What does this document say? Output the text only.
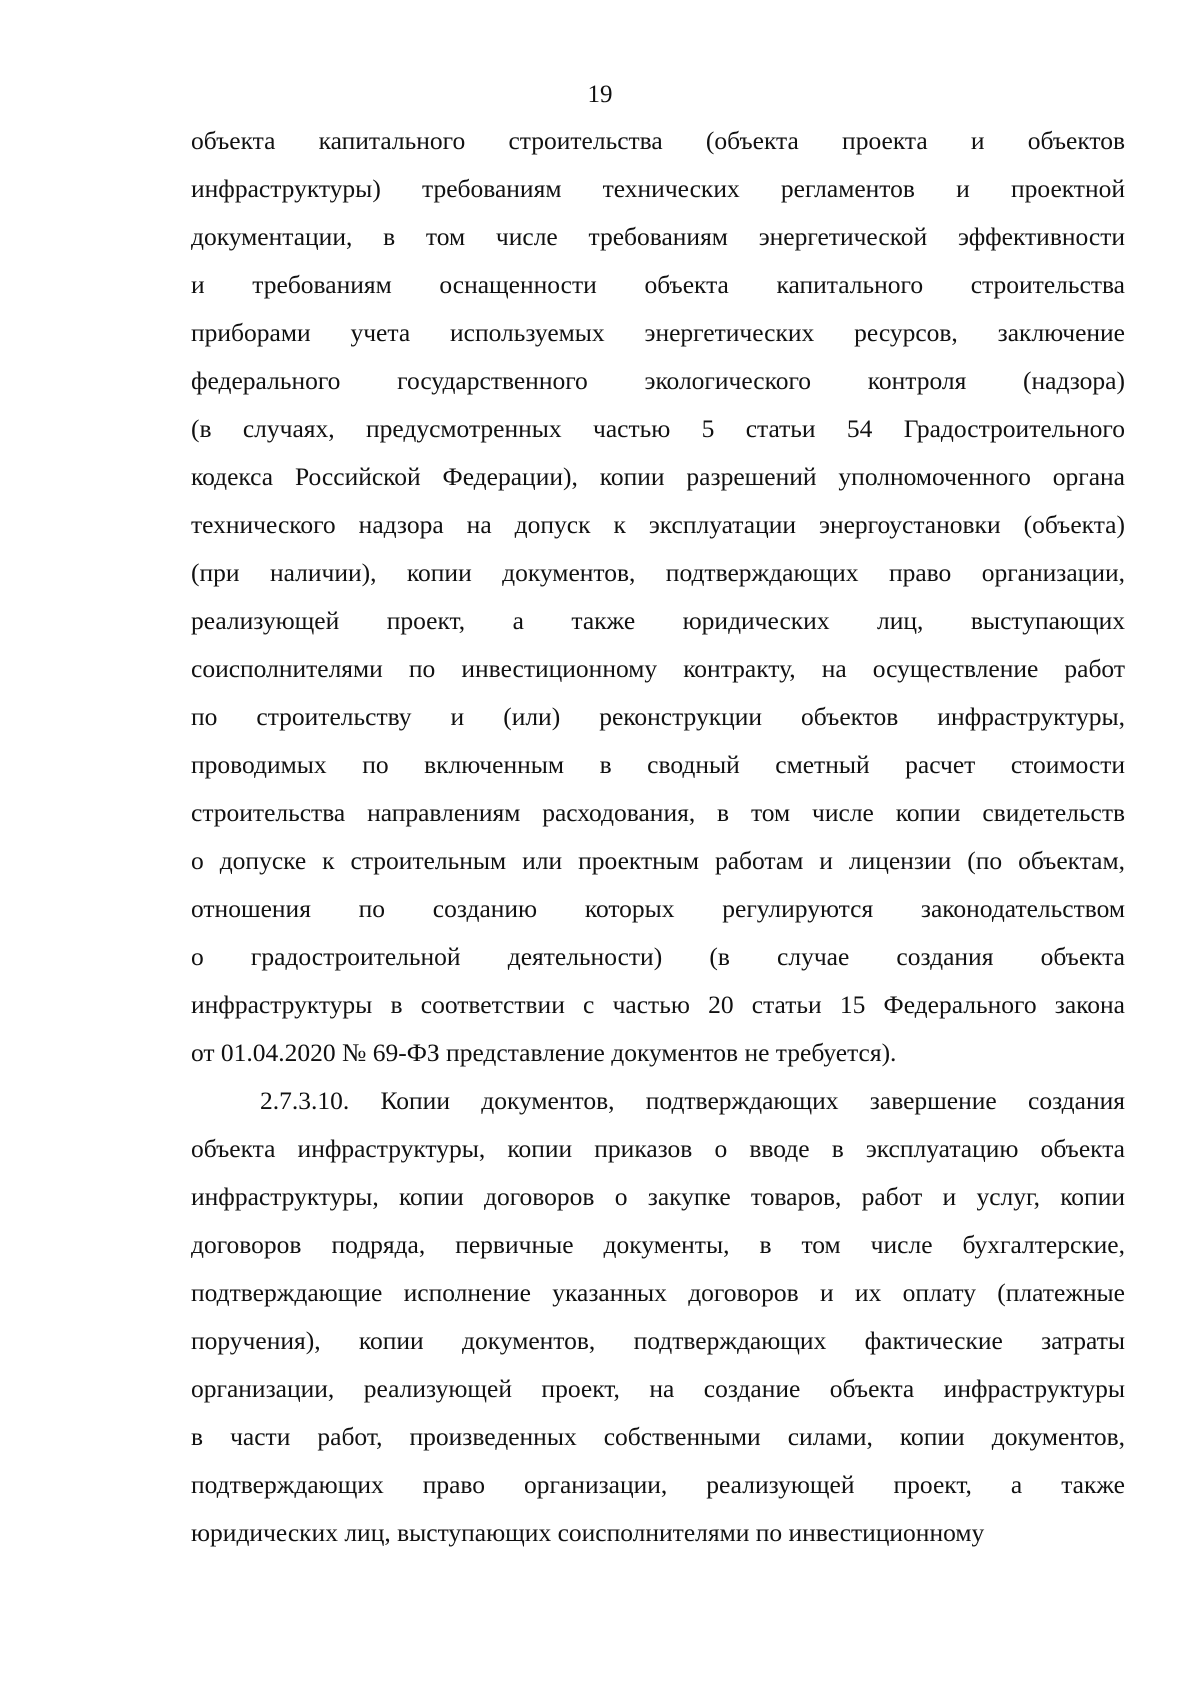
19
объекта капитального строительства (объекта проекта и объектов
инфраструктуры) требованиям технических регламентов и проектной
документации, в том числе требованиям энергетической эффективности
и требованиям оснащенности объекта капитального строительства
приборами учета используемых энергетических ресурсов, заключение
федерального государственного экологического контроля (надзора)
(в случаях, предусмотренных частью 5 статьи 54 Градостроительного
кодекса Российской Федерации), копии разрешений уполномоченного органа
технического надзора на допуск к эксплуатации энергоустановки (объекта)
(при наличии), копии документов, подтверждающих право организации,
реализующей проект, а также юридических лиц, выступающих
соисполнителями по инвестиционному контракту, на осуществление работ
по строительству и (или) реконструкции объектов инфраструктуры,
проводимых по включенным в сводный сметный расчет стоимости
строительства направлениям расходования, в том числе копии свидетельств
о допуске к строительным или проектным работам и лицензии (по объектам,
отношения по созданию которых регулируются законодательством
о градостроительной деятельности) (в случае создания объекта
инфраструктуры в соответствии с частью 20 статьи 15 Федерального закона
от 01.04.2020 № 69-ФЗ представление документов не требуется).
2.7.3.10. Копии документов, подтверждающих завершение создания
объекта инфраструктуры, копии приказов о вводе в эксплуатацию объекта
инфраструктуры, копии договоров о закупке товаров, работ и услуг, копии
договоров подряда, первичные документы, в том числе бухгалтерские,
подтверждающие исполнение указанных договоров и их оплату (платежные
поручения), копии документов, подтверждающих фактические затраты
организации, реализующей проект, на создание объекта инфраструктуры
в части работ, произведенных собственными силами, копии документов,
подтверждающих право организации, реализующей проект, а также
юридических лиц, выступающих соисполнителями по инвестиционному
